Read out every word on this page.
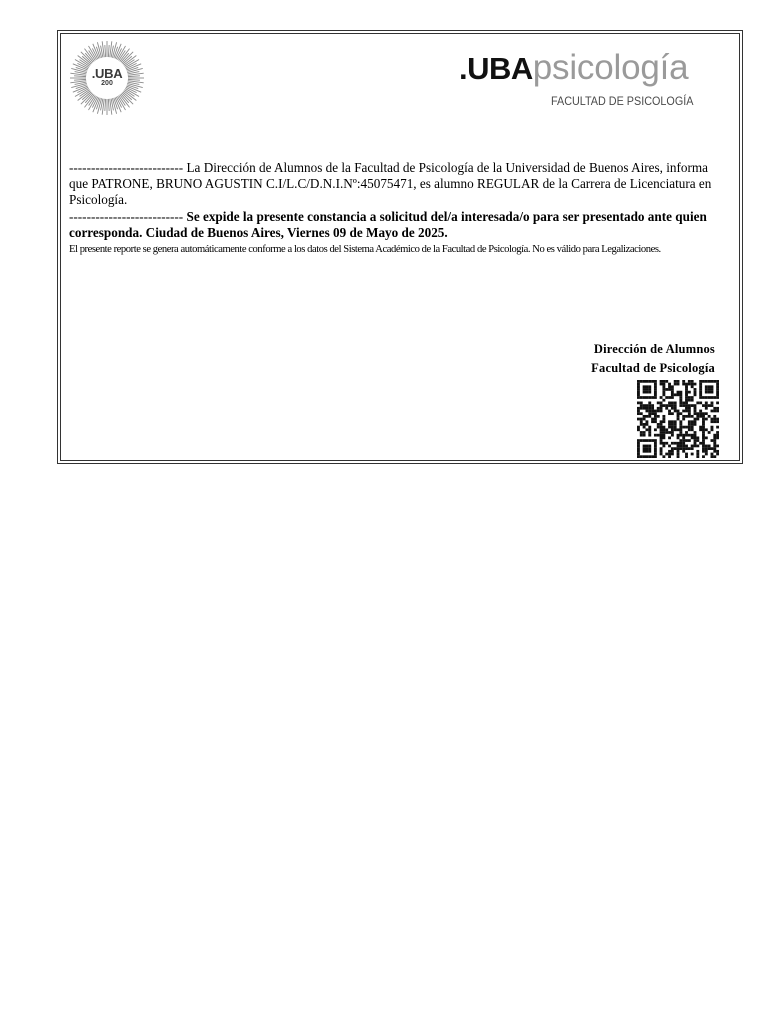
.UBA
200	.UBApsicología
FACULTAD DE PSICOLOGÍA

-------------------------- La Dirección de Alumnos de la Facultad de Psicología de la Universidad de Buenos Aires, informa que PATRONE, BRUNO AGUSTIN C.I/L.C/D.N.I.Nº:45075471, es alumno REGULAR de la Carrera de Licenciatura en Psicología.

-------------------------- Se expide la presente constancia a solicitud del/a interesada/o para ser presentado ante quien corresponda. Ciudad de Buenos Aires, Viernes 09 de Mayo de 2025.

El presente reporte se genera automáticamente conforme a los datos del Sistema Académico de la Facultad de Psicología. No es válido para Legalizaciones.

Dirección de Alumnos
Facultad de Psicología
